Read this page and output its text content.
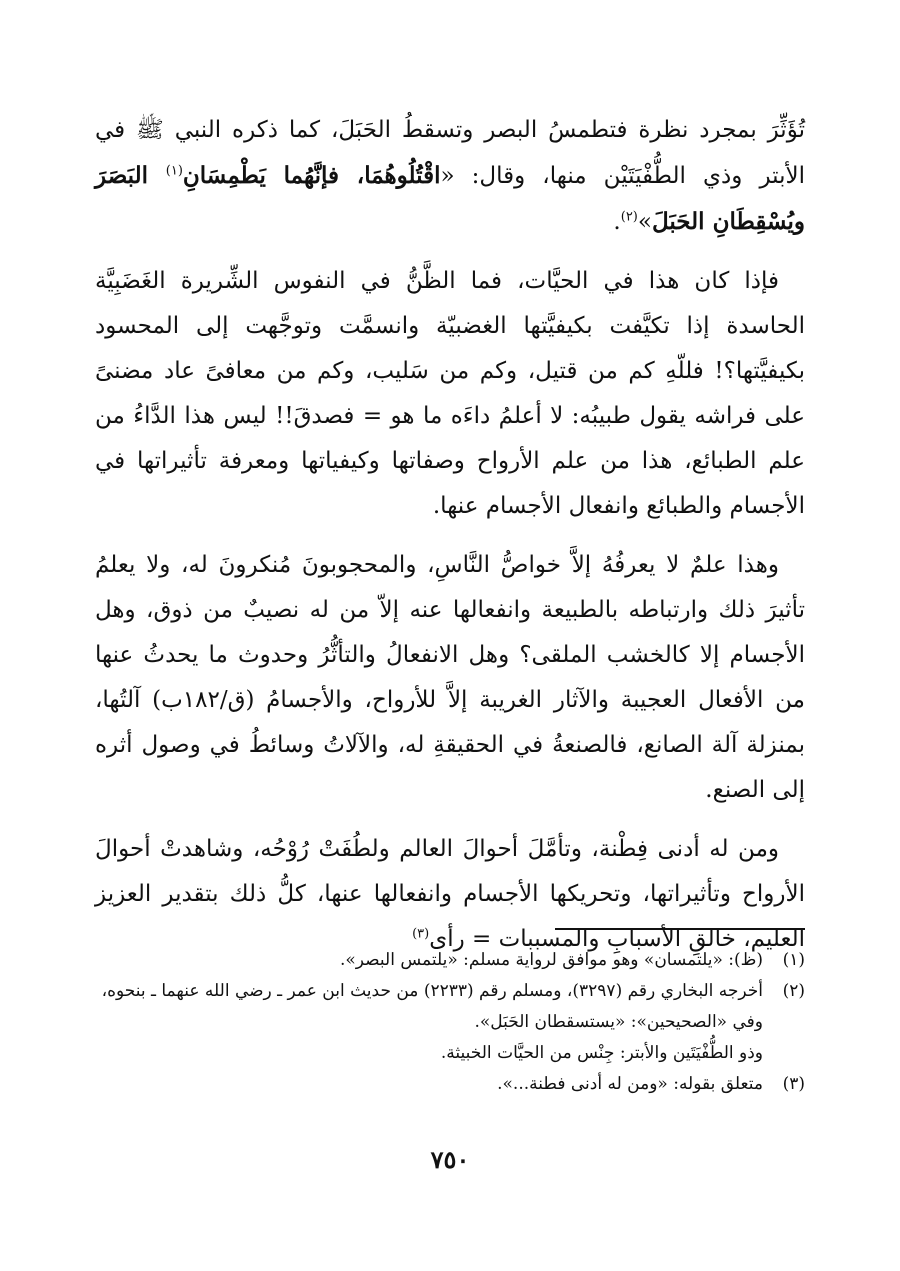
تُؤَثِّرَ بمجرد نظرة فتطمسُ البصر وتسقطُ الحَبَلَ، كما ذكره النبي ﷺ في الأبتر وذي الطُّفْيَتَيْن منها، وقال: «اقْتُلُوهُمَا، فإنَّهُما يَطْمِسَانِ$^{(١)}$ البَصَرَ ويُسْقِطَانِ الحَبَلَ»$^{(٢)}$.

فإذا كان هذا في الحيَّات، فما الظَّنُّ في النفوس الشِّريرة الغَضَبِيَّة الحاسدة إذا تكيَّفت بكيفيَّتها الغضبيّة وانسمَّت وتوجَّهت إلى المحسود بكيفيَّتها؟! فللّهِ كم من قتيل، وكم من سَليب، وكم من معافىً عاد مضنىً على فراشه يقول طبيبُه: لا أعلمُ داءَه ما هو = فصدقَ!! ليس هذا الدَّاءُ من علم الطبائع، هذا من علم الأرواح وصفاتها وكيفياتها ومعرفة تأثيراتها في الأجسام والطبائع وانفعال الأجسام عنها.

وهذا علمٌ لا يعرفُهُ إلاَّ خواصُّ النَّاسِ، والمحجوبونَ مُنكرونَ له، ولا يعلمُ تأثيرَ ذلك وارتباطه بالطبيعة وانفعالها عنه إلاّ من له نصيبٌ من ذوق، وهل الأجسام إلا كالخشب الملقى؟ وهل الانفعالُ والتأثُّرُ وحدوث ما يحدثُ عنها من الأفعال العجيبة والآثار الغريبة إلاَّ للأرواح، والأجسامُ (ق/١٨٢ب) آلتُها، بمنزلة آلة الصانع، فالصنعةُ في الحقيقةِ له، والآلاتُ وسائطُ في وصول أثره إلى الصنع.

ومن له أدنى فِطْنة، وتأمَّلَ أحوالَ العالم ولطُفَتْ رُوْحُه، وشاهدتْ أحوالَ الأرواح وتأثيراتها، وتحريكها الأجسام وانفعالها عنها، كلُّ ذلك بتقدير العزيز العليم، خالقِ الأسبابِ والمسببات = رأى$^{(٣)}$

(١)
(ظ): «يلتمسان» وهو موافق لرواية مسلم: «يلتمس البصر».
(٢)
أخرجه البخاري رقم (٣٢٩٧)، ومسلم رقم (٢٢٣٣) من حديث ابن عمر ـ رضي الله عنهما ـ بنحوه، وفي «الصحيحين»: «يستسقطان الحَبَل».
وذو الطُّفْيَتَين والأبتر: جِنْس من الحيَّات الخبيثة.
(٣)
متعلق بقوله: «ومن له أدنى فطنة...».
٧٥٠
